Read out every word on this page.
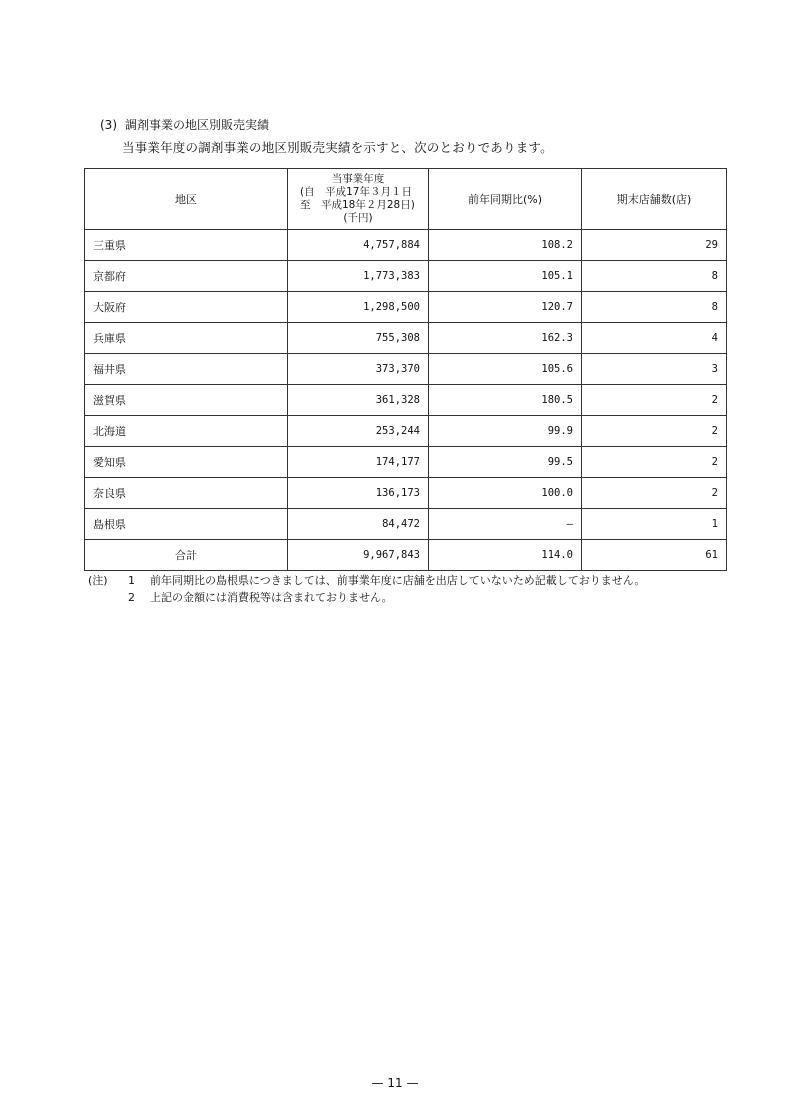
(3) 調剤事業の地区別販売実績
当事業年度の調剤事業の地区別販売実績を示すと、次のとおりであります。
地区	当事業年度
(自　平成17年３月１日
至　平成18年２月28日)
(千円)	前年同期比(%)	期末店舗数(店)
三重県	4,757,884	108.2	29
京都府	1,773,383	105.1	8
大阪府	1,298,500	120.7	8
兵庫県	755,308	162.3	4
福井県	373,370	105.6	3
滋賀県	361,328	180.5	2
北海道	253,244	99.9	2
愛知県	174,177	99.5	2
奈良県	136,173	100.0	2
島根県	84,472	—	1
合計	9,967,843	114.0	61
(注)	1	前年同期比の島根県につきましては、前事業年度に店舗を出店していないため記載しておりません。
2	上記の金額には消費税等は含まれておりません。
— 11 —
